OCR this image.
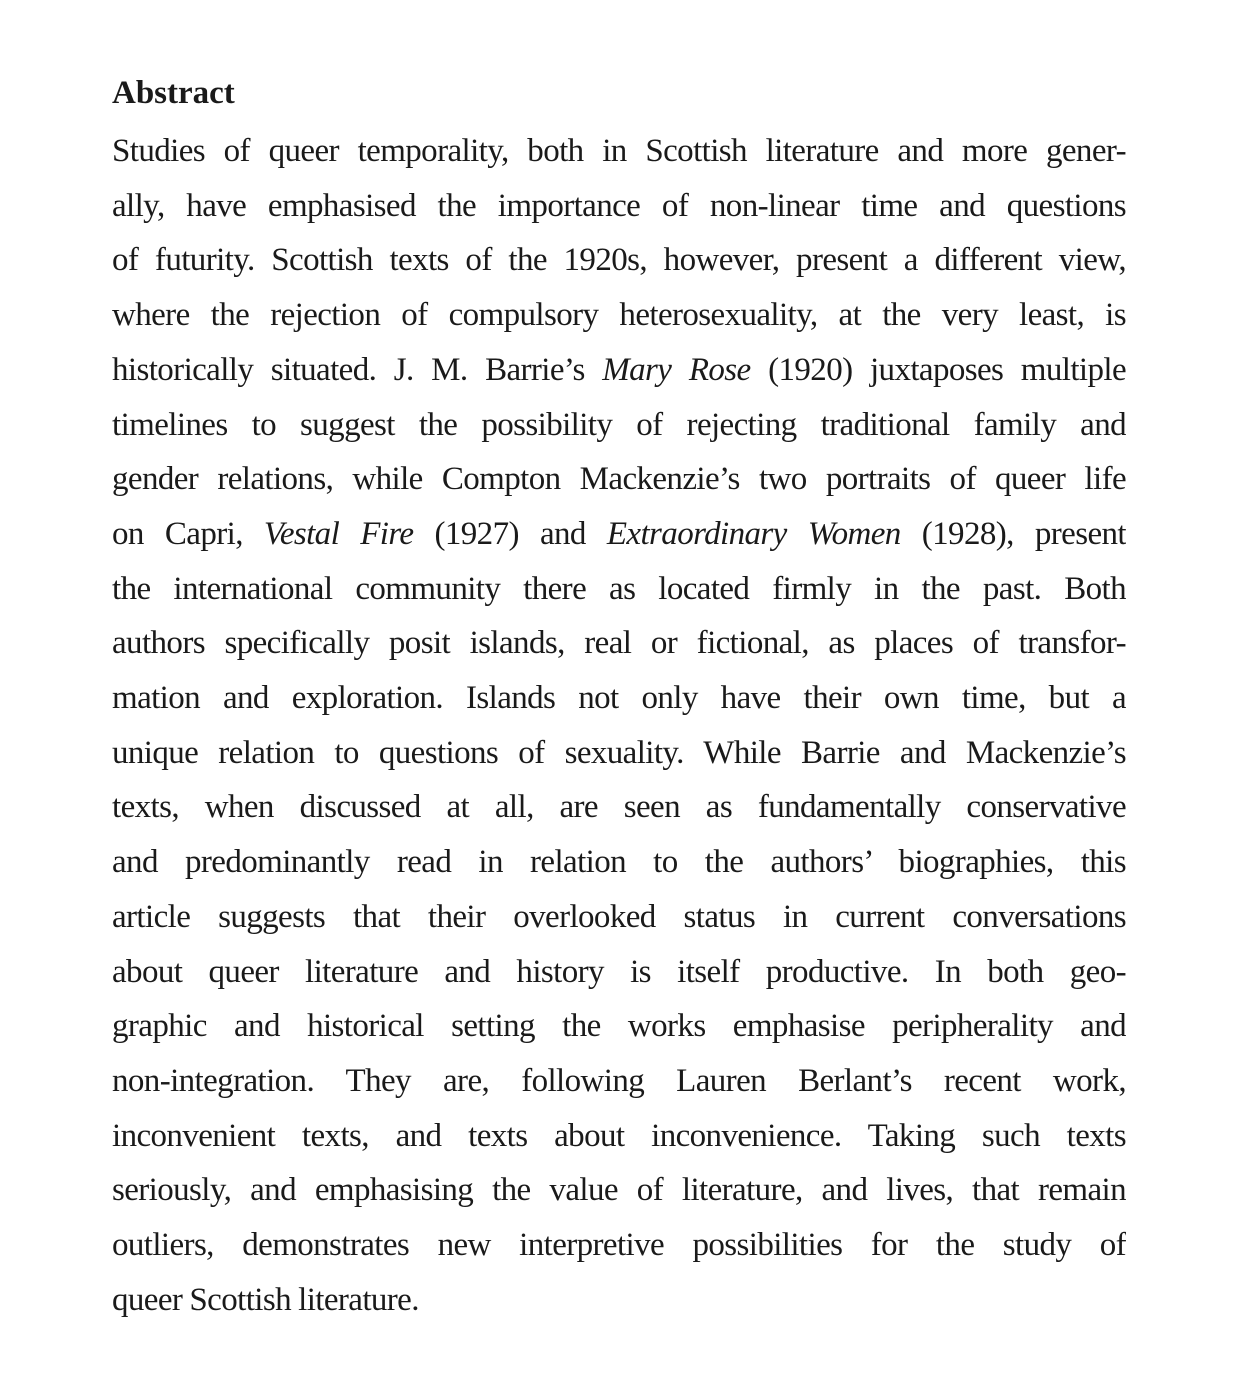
Abstract
Studies of queer temporality, both in Scottish literature and more gener-
ally, have emphasised the importance of non-linear time and questions
of futurity. Scottish texts of the 1920s, however, present a different view,
where the rejection of compulsory heterosexuality, at the very least, is
historically situated. J. M. Barrie’s Mary Rose (1920) juxtaposes multiple
timelines to suggest the possibility of rejecting traditional family and
gender relations, while Compton Mackenzie’s two portraits of queer life
on Capri, Vestal Fire (1927) and Extraordinary Women (1928), present
the international community there as located firmly in the past. Both
authors specifically posit islands, real or fictional, as places of transfor-
mation and exploration. Islands not only have their own time, but a
unique relation to questions of sexuality. While Barrie and Mackenzie’s
texts, when discussed at all, are seen as fundamentally conservative
and predominantly read in relation to the authors’ biographies, this
article suggests that their overlooked status in current conversations
about queer literature and history is itself productive. In both geo-
graphic and historical setting the works emphasise peripherality and
non-integration. They are, following Lauren Berlant’s recent work,
inconvenient texts, and texts about inconvenience. Taking such texts
seriously, and emphasising the value of literature, and lives, that remain
outliers, demonstrates new interpretive possibilities for the study of
queer Scottish literature.
